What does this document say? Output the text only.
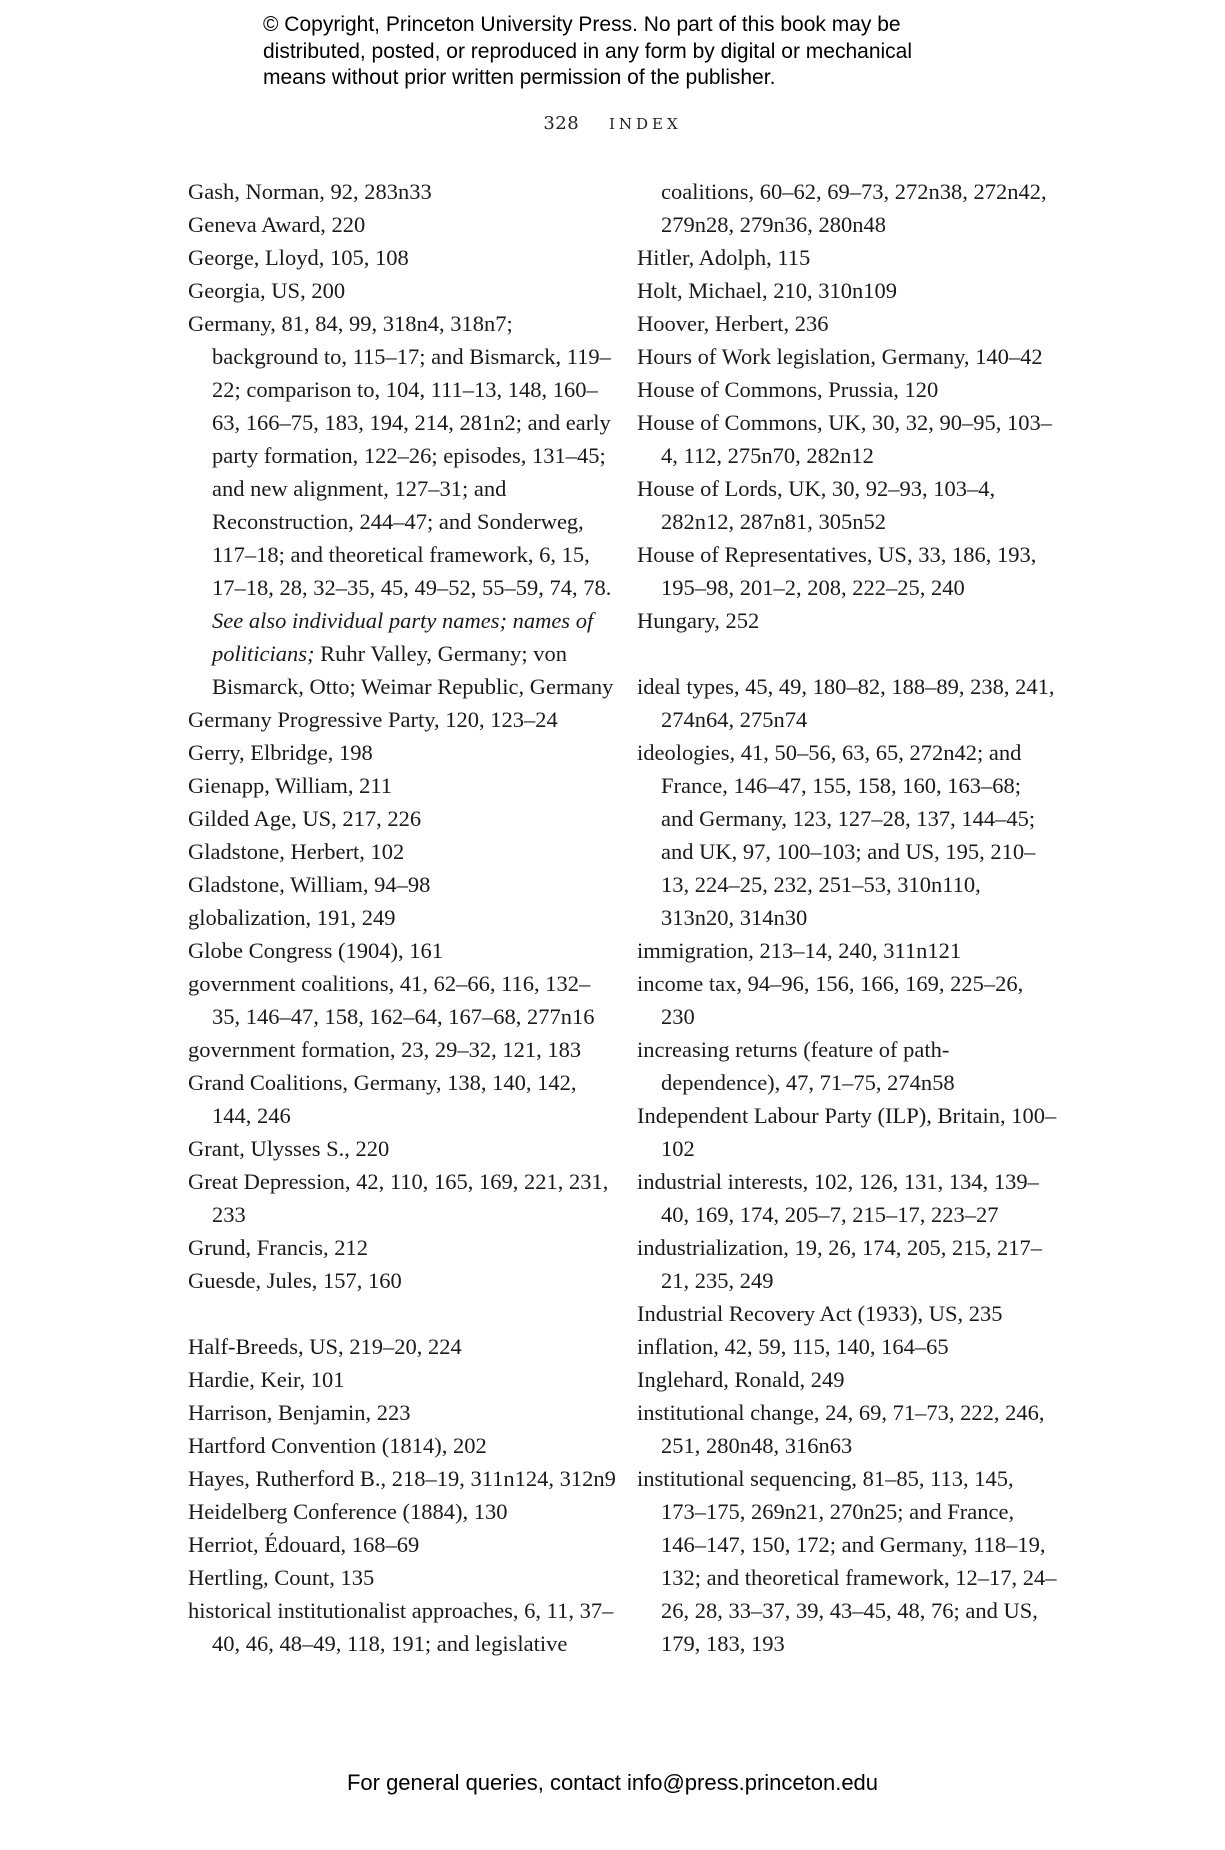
© Copyright, Princeton University Press. No part of this book may be
distributed, posted, or reproduced in any form by digital or mechanical
means without prior written permission of the publisher.
328 INDEX

Gash, Norman, 92, 283n33

Geneva Award, 220

George, Lloyd, 105, 108

Georgia, US, 200

Germany, 81, 84, 99, 318n4, 318n7; background to, 115–17; and Bismarck, 119–22; comparison to, 104, 111–13, 148, 160–63, 166–75, 183, 194, 214, 281n2; and early party formation, 122–26; episodes, 131–45; and new alignment, 127–31; and Reconstruction, 244–47; and Sonderweg, 117–18; and theoretical framework, 6, 15, 17–18, 28, 32–35, 45, 49–52, 55–59, 74, 78. See also individual party names; names of politicians; Ruhr Valley, Germany; von Bismarck, Otto; Weimar Republic, Germany

Germany Progressive Party, 120, 123–24

Gerry, Elbridge, 198

Gienapp, William, 211

Gilded Age, US, 217, 226

Gladstone, Herbert, 102

Gladstone, William, 94–98

globalization, 191, 249

Globe Congress (1904), 161

government coalitions, 41, 62–66, 116, 132–35, 146–47, 158, 162–64, 167–68, 277n16

government formation, 23, 29–32, 121, 183

Grand Coalitions, Germany, 138, 140, 142, 144, 246

Grant, Ulysses S., 220

Great Depression, 42, 110, 165, 169, 221, 231, 233

Grund, Francis, 212

Guesde, Jules, 157, 160

Half-Breeds, US, 219–20, 224

Hardie, Keir, 101

Harrison, Benjamin, 223

Hartford Convention (1814), 202

Hayes, Rutherford B., 218–19, 311n124, 312n9

Heidelberg Conference (1884), 130

Herriot, Édouard, 168–69

Hertling, Count, 135

historical institutionalist approaches, 6, 11, 37–40, 46, 48–49, 118, 191; and legislative

coalitions, 60–62, 69–73, 272n38, 272n42, 279n28, 279n36, 280n48

Hitler, Adolph, 115

Holt, Michael, 210, 310n109

Hoover, Herbert, 236

Hours of Work legislation, Germany, 140–42

House of Commons, Prussia, 120

House of Commons, UK, 30, 32, 90–95, 103–4, 112, 275n70, 282n12

House of Lords, UK, 30, 92–93, 103–4, 282n12, 287n81, 305n52

House of Representatives, US, 33, 186, 193, 195–98, 201–2, 208, 222–25, 240

Hungary, 252

ideal types, 45, 49, 180–82, 188–89, 238, 241, 274n64, 275n74

ideologies, 41, 50–56, 63, 65, 272n42; and France, 146–47, 155, 158, 160, 163–68; and Germany, 123, 127–28, 137, 144–45; and UK, 97, 100–103; and US, 195, 210–13, 224–25, 232, 251–53, 310n110, 313n20, 314n30

immigration, 213–14, 240, 311n121

income tax, 94–96, 156, 166, 169, 225–26, 230

increasing returns (feature of path-dependence), 47, 71–75, 274n58

Independent Labour Party (ILP), Britain, 100–102

industrial interests, 102, 126, 131, 134, 139–40, 169, 174, 205–7, 215–17, 223–27

industrialization, 19, 26, 174, 205, 215, 217–21, 235, 249

Industrial Recovery Act (1933), US, 235

inflation, 42, 59, 115, 140, 164–65

Inglehard, Ronald, 249

institutional change, 24, 69, 71–73, 222, 246, 251, 280n48, 316n63

institutional sequencing, 81–85, 113, 145, 173–175, 269n21, 270n25; and France, 146–147, 150, 172; and Germany, 118–19, 132; and theoretical framework, 12–17, 24–26, 28, 33–37, 39, 43–45, 48, 76; and US, 179, 183, 193

For general queries, contact info@press.princeton.edu
